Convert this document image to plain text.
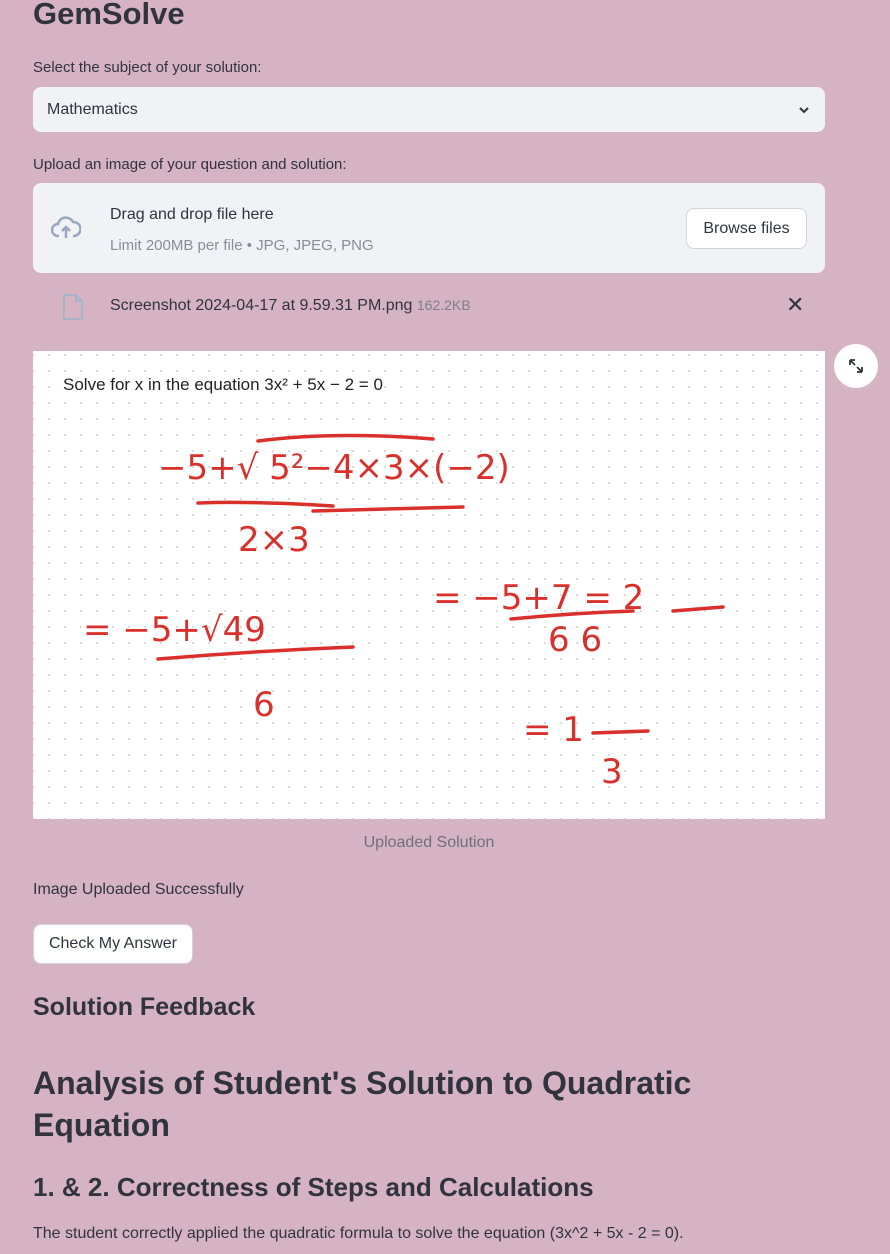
GemSolve
Select the subject of your solution:
Mathematics
Upload an image of your question and solution:
Drag and drop file here
Limit 200MB per file • JPG, JPEG, PNG
Browse files
Screenshot 2024-04-17 at 9.59.31 PM.png 162.2KB	✕
Solve for x in the equation 3x² + 5x − 2 = 0
−5+√ 5²−4×3×(−2)
2×3
= −5+√49
6
= −5+7 = 2
6 6
= 1
3
Uploaded Solution
Image Uploaded Successfully
Check My Answer
Solution Feedback
Analysis of Student's Solution to Quadratic Equation
1. & 2. Correctness of Steps and Calculations
The student correctly applied the quadratic formula to solve the equation (3x^2 + 5x - 2 = 0).
